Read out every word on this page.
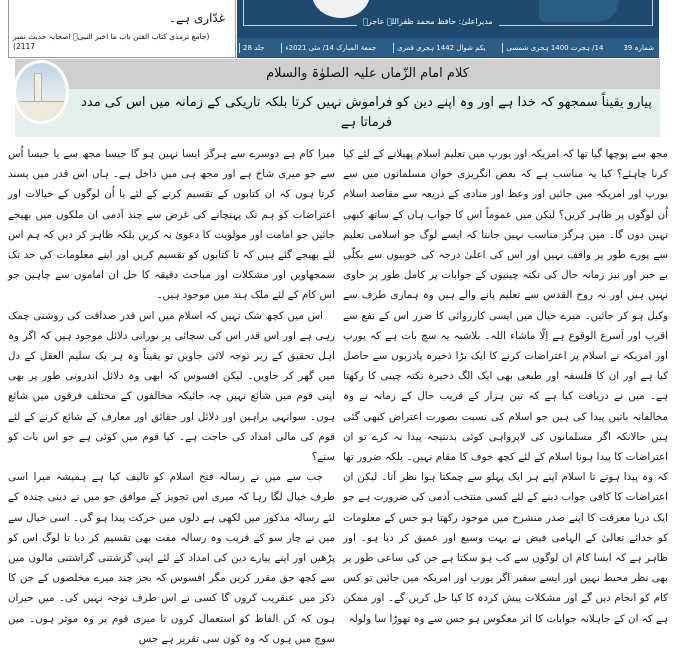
غدّاری ہے۔
(جامع ترمذی کتاب الفتن باب ما اخبر النبیؐ اصحابہ حدیث نمبر 2117)
مدیراعلیٰ: حافظ محمد ظفراللہ عاجزؔ
جلد 28	جمعۃ المبارک 14/ مئی 2021ء	یکم شوال 1442 ہجری قمری	14/ ہجرت 1400 ہجری شمسی	شمارہ 39
کلام امام الزّماں علیہ الصلوٰۃ والسلام
پیارو یقیناً سمجھو کہ خدا ہے اور وہ اپنے دین کو فراموش نہیں کرتا بلکہ تاریکی کے زمانہ میں اس کی مدد فرماتا ہے

مجھ سے پوچھا گیا تھا کہ امریکہ اور یورپ میں تعلیم اسلام پھیلانے کے لئے کیا کرنا چاہئے؟ کیا یہ مناسب ہے کہ بعض انگریزی خوان مسلمانوں میں سے یورپ اور امریکہ میں جائیں اور وعظ اور منادی کے ذریعہ سے مقاصد اسلام اُن لوگوں پر ظاہر کریں؟ لیکن میں عموماً اس کا جواب ہاں کے ساتھ کبھی نہیں دوں گا۔ میں ہرگز مناسب نہیں جانتا کہ ایسے لوگ جو اسلامی تعلیم سے پورے طور پر واقف نہیں اور اس کی اعلیٰ درجہ کی خوبیوں سے بکلّی بے خبر اور نیز زمانہ حال کی نکتہ چینیوں کے جوابات پر کامل طور پر حاوی نہیں ہیں اور نہ روح القدس سے تعلیم پانے والے ہیں وہ ہماری طرف سے وکیل ہو کر جائیں۔ میرے خیال میں ایسی کارروائی کا ضرر اس کے نفع سے اقرب اور اَسرع الوقوع ہے اِلّا ماشاء اللہ۔ بلاشبہ یہ سچ بات ہے کہ یورپ اور امریکہ نے اسلام پر اعتراضات کرنے کا ایک بڑا ذخیرہ پادریوں سے حاصل کیا ہے اور ان کا فلسفہ اور طبعی بھی ایک الگ ذخیرہ نکتہ چینی کا رکھتا ہے۔ میں نے دریافت کیا ہے کہ تین ہزار کے قریب حال کے زمانہ نے وہ مخالفانہ باتیں پیدا کی ہیں جو اسلام کی نسبت بصورت اعتراض کبھی گئی ہیں حالانکہ اگر مسلمانوں کی لاپرواہی کوئی بدنتیجہ پیدا نہ کرے تو ان اعتراضات کا پیدا ہونا اسلام کے لئے کچھ خوف کا مقام نہیں۔ بلکہ ضرور تھا کہ وہ پیدا ہوتے تا اسلام اپنے ہر ایک پہلو سے چمکتا ہوا نظر آتا۔ لیکن ان اعتراضات کا کافی جواب دینے کے لئے کسی منتخب آدمی کی ضرورت ہے جو ایک دریا معرفت کا اپنے صدر منشرح میں موجود رکھتا ہو جس کے معلومات کو خدائے تعالیٰ کے الہامی فیض نے بہت وسیع اور عمیق کر دیا ہو۔ اور ظاہر ہے کہ ایسا کام ان لوگوں سے کب ہو سکتا ہے جن کی ساعی طور پر بھی نظر محیط نہیں اور ایسے سفیر اگر یورپ اور امریکہ میں جائیں تو کس کام کو انجام دیں گے اور مشکلات پیش کردہ کا کیا حل کریں گے۔ اور ممکن ہے کہ ان کے جاہلانہ جوابات کا اثر معکوس ہو جس سے وہ تھوڑا سا ولولہ

میرا کام ہے دوسرے سے ہرگز ایسا نہیں ہو گا جیسا مجھ سے یا جیسا اُس سے جو میری شاخ ہے اور مجھ ہی میں داخل ہے۔ ہاں اس قدر میں پسند کرتا ہوں کہ ان کتابوں کے تقسیم کرنے کے لئے یا اُن لوگوں کے خیالات اور اعتراضات کو ہم تک پہنچانے کی غرض سے چند آدمی ان ملکوں میں بھیجے جائیں جو امامت اور مولویت کا دعویٰ نہ کریں بلکہ ظاہر کر دیں کہ ہم اس لئے بھیجے گئے ہیں کہ تا کتابوں کو تقسیم کریں اور اپنے معلومات کی حد تک سمجھاویں اور مشکلات اور مباحث دقیقہ کا حل ان اماموں سے چاہیں جو اس کام کے لئے ملک ہند میں موجود ہیں۔

اس میں کچھ شک نہیں کہ اسلام میں اس قدر صداقت کی روشنی چمک رہی ہے اور اس قدر اس کی سچائی پر نورانی دلائل موجود ہیں کہ اگر وہ اہل تحقیق کے زیر توجہ لائی جاویں تو یقیناً وہ ہر یک سلیم العقل کے دل میں گھر کر جاویں۔ لیکن افسوس کہ ابھی وہ دلائل اندرونی طور پر بھی اپنی قوم میں شائع نہیں چہ جائیکہ مخالفوں کے مختلف فرقوں میں شائع ہوں۔ سوانہی براہین اور دلائل اور حقائق اور معارف کے شائع کرنے کے لئے قوم کی مالی امداد کی حاجت ہے۔ کیا قوم میں کوئی ہے جو اس بات کو سنے؟

جب سے میں نے رسالہ فتح اسلام کو تالیف کیا ہے ہمیشہ میرا اسی طرف خیال لگا رہا کہ میری اس تجویز کے موافق جو میں نے دینی چندہ کے لئے رسالہ مذکور میں لکھی ہے دلوں میں حرکت پیدا ہو گی۔ اسی خیال سے میں نے چار سو کے قریب وہ رسالہ مفت بھی تقسیم کر دیا تا لوگ اس کو پڑھیں اور اپنے پیارے دین کی امداد کے لئے اپنی گزشتنی گزاشتنی مالوں میں سے کچھ حق مقرر کریں مگر افسوس کہ بجز چند میرے مخلصوں کے جن کا ذکر میں عنقریب کروں گا کسی نے اس طرف توجہ نہیں کی۔ میں حیران ہوں کہ کن الفاظ کو استعمال کروں تا میری قوم پر وہ موثر ہوں۔ میں سوچ میں ہوں کہ وہ کون سی تقریر ہے جس
